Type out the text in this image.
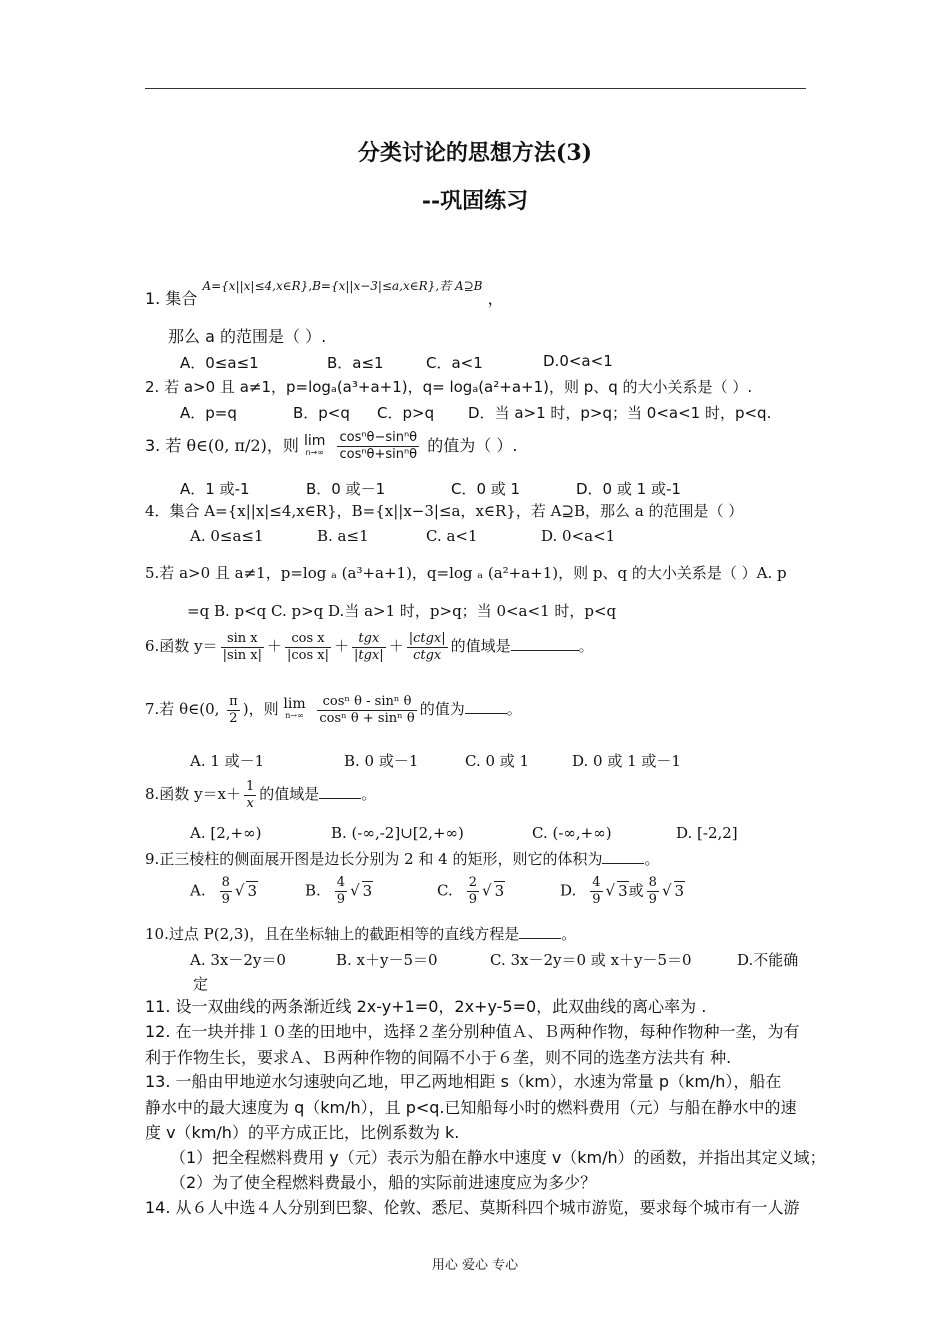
分类讨论的思想方法(3)
--巩固练习
1. 集合 A={x||x|≤4,x∈R},B={x||x−3|≤a,x∈R},若 A⊇B ，
那么 a 的范围是（ ）.
A．0≤a≤1	B．a≤1	C．a<1	D.0<a<1
2. 若 a>0 且 a≠1，p=logₐ(a³+a+1)，q= logₐ(a²+a+1)，则 p、q 的大小关系是（ ）.
A．p=q	B．p<q C．p>q D．当 a>1 时，p>q；当 0<a<1 时，p<q.
3. 若 θ∈(0, π/2)，则 lim
n→∞
$\frac{\text{cosⁿθ−sinⁿθ}}{\text{cosⁿθ+sinⁿθ}}$ 的值为（ ）.
A．1 或-1	B．0 或－1	C．0 或 1	D．0 或 1 或-1
4．集合 A={x||x|≤4,x∈R}，B={x||x−3|≤a，x∈R}，若 A⊇B，那么 a 的范围是（ ）
A. 0≤a≤1	B. a≤1	C. a<1	D. 0<a<1
5.若 a>0 且 a≠1，p=log ₐ (a³+a+1)，q=log ₐ (a²+a+1)，则 p、q 的大小关系是（ ）A. p
=q B. p<q C. p>q D.当 a>1 时，p>q；当 0<a<1 时，p<q
6.函数 $y= \frac{\text{sin x}}{\text{|sin x|}} + \frac{\text{cos x}}{\text{|cos x|}} + \frac{\text{tgx}}{\text{|tgx|}} + \frac{\text{|ctgx|}}{\text{ctgx}}$ 的值域是	。
7.若 θ∈(0, $\frac{\pi}{2}$ )，则 lim
n→∞
$\frac{\text{cosⁿ θ - sinⁿ θ}}{\text{cosⁿ θ + sinⁿ θ}}$ 的值为	。
A. 1 或－1	B. 0 或－1	C. 0 或 1	D. 0 或 1 或－1
8.函数 $y=x+ \frac{1}{x}$ 的值域是	。
A. [2,+∞)	B. (-∞,-2]∪[2,+∞)	C. (-∞,+∞)	D. [-2,2]
9.正三棱柱的侧面展开图是边长分别为 2 和 4 的矩形，则它的体积为	。
A. $\frac{8}{9}$ √ 3	B. $\frac{4}{9}$ √ 3	C. $\frac{2}{9}$ √ 3	D. $\frac{4}{9}$ √ 3或 $\frac{8}{9}$ √ 3
10.过点 P(2,3)，且在坐标轴上的截距相等的直线方程是	。
A. 3x－2y＝0	B. x＋y－5＝0	C. 3x－2y＝0 或 x＋y－5＝0	D.不能确
定
11. 设一双曲线的两条渐近线 2x-y+1=0，2x+y-5=0，此双曲线的离心率为 .
12. 在一块并排１０垄的田地中，选择２垄分别种值Ａ、Ｂ两种作物，每种作物种一垄，为有
利于作物生长，要求Ａ、Ｂ两种作物的间隔不小于６垄，则不同的选垄方法共有 种.
13. 一船由甲地逆水匀速驶向乙地，甲乙两地相距 s（km），水速为常量 p（km/h），船在
静水中的最大速度为 q（km/h），且 p<q.已知船每小时的燃料费用（元）与船在静水中的速
度 v（km/h）的平方成正比，比例系数为 k.
（1）把全程燃料费用 y（元）表示为船在静水中速度 v（km/h）的函数，并指出其定义域；
（2）为了使全程燃料费最小，船的实际前进速度应为多少？
14. 从６人中选４人分别到巴黎、伦敦、悉尼、莫斯科四个城市游览，要求每个城市有一人游
用心 爱心 专心
